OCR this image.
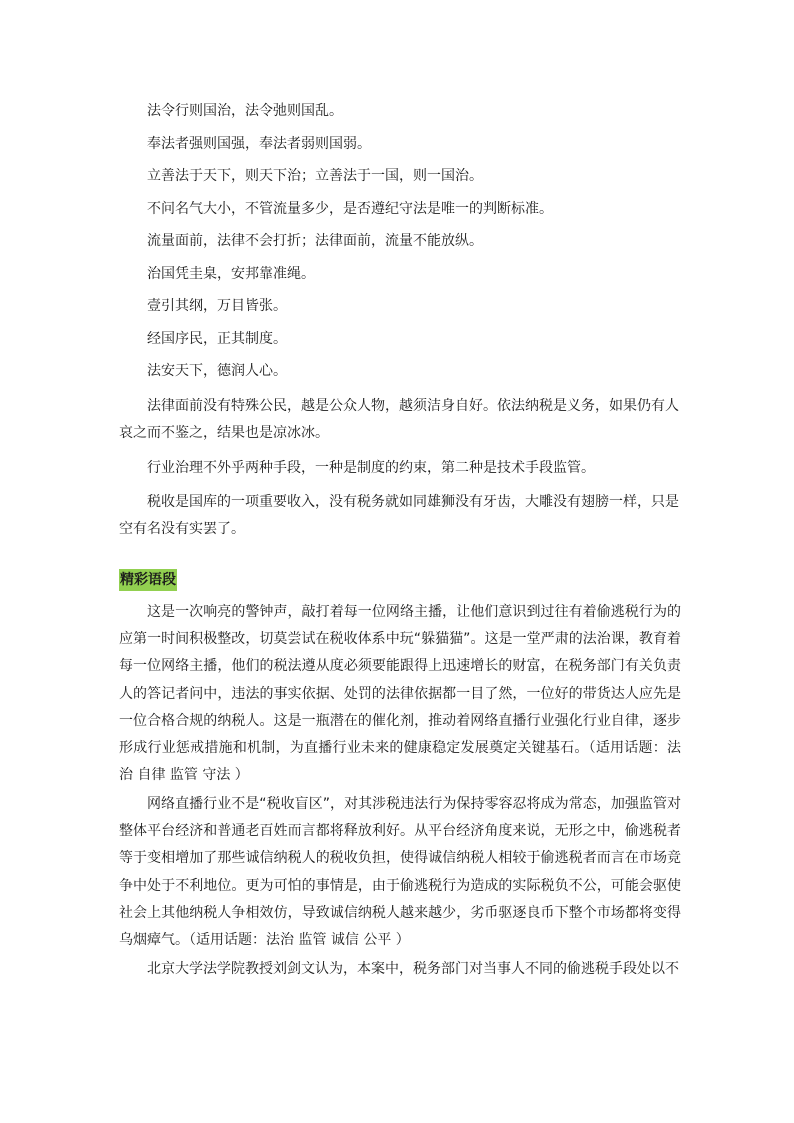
法令行则国治，法令弛则国乱。

奉法者强则国强，奉法者弱则国弱。

立善法于天下，则天下治；立善法于一国，则一国治。

不问名气大小，不管流量多少，是否遵纪守法是唯一的判断标准。

流量面前，法律不会打折；法律面前，流量不能放纵。

治国凭圭臬，安邦靠准绳。

壹引其纲，万目皆张。

经国序民，正其制度。

法安天下，德润人心。

法律面前没有特殊公民，越是公众人物，越须洁身自好。依法纳税是义务，如果仍有人
哀之而不鉴之，结果也是凉冰冰。

行业治理不外乎两种手段，一种是制度的约束，第二种是技术手段监管。

税收是国库的一项重要收入，没有税务就如同雄狮没有牙齿，大雕没有翅膀一样，只是
空有名没有实罢了。

精彩语段

这是一次响亮的警钟声，敲打着每一位网络主播，让他们意识到过往有着偷逃税行为的应第一时间积极整改，切莫尝试在税收体系中玩“躲猫猫”。这是一堂严肃的法治课，教育着每一位网络主播，他们的税法遵从度必须要能跟得上迅速增长的财富，在税务部门有关负责人的答记者问中，违法的事实依据、处罚的法律依据都一目了然，一位好的带货达人应先是一位合格合规的纳税人。这是一瓶潜在的催化剂，推动着网络直播行业强化行业自律，逐步形成行业惩戒措施和机制，为直播行业未来的健康稳定发展奠定关键基石。（适用话题：法治 自律 监管 守法 ）

网络直播行业不是“税收盲区”，对其涉税违法行为保持零容忍将成为常态，加强监管对整体平台经济和普通老百姓而言都将释放利好。从平台经济角度来说，无形之中，偷逃税者等于变相增加了那些诚信纳税人的税收负担，使得诚信纳税人相较于偷逃税者而言在市场竞争中处于不利地位。更为可怕的事情是，由于偷逃税行为造成的实际税负不公，可能会驱使社会上其他纳税人争相效仿，导致诚信纳税人越来越少，劣币驱逐良币下整个市场都将变得乌烟瘴气。（适用话题：法治 监管 诚信 公平 ）

北京大学法学院教授刘剑文认为，本案中，税务部门对当事人不同的偷逃税手段处以不
